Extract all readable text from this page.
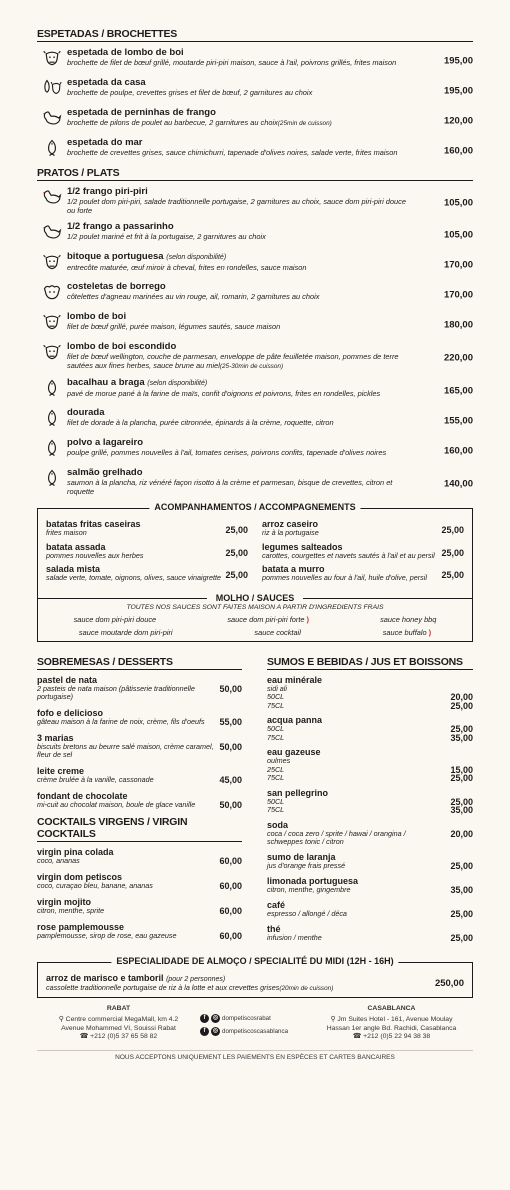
ESPETADAS / BROCHETTES
espetada de lombo de boi
brochette de filet de bœuf grillé, moutarde piri-piri maison, sauce à l'ail, poivrons grillés, frites maison	195,00
espetada da casa
brochette de poulpe, crevettes grises et filet de bœuf, 2 garnitures au choix	195,00
espetada de perninhas de frango
brochette de pilons de poulet au barbecue, 2 garnitures au choix(25min de cuisson)	120,00
espetada do mar
brochette de crevettes grises, sauce chimichurri, tapenade d'olives noires, salade verte, frites maison	160,00
PRATOS / PLATS
1/2 frango piri-piri
1/2 poulet dom piri-piri, salade traditionnelle portugaise, 2 garnitures au choix, sauce dom piri-piri douce ou forte
105,00
1/2 frango a passarinho
1/2 poulet mariné et frit à la portugaise, 2 garnitures au choix	105,00
bitoque a portuguesa (selon disponibilité)
entrecôte maturée, œuf miroir à cheval, frites en rondelles, sauce maison	170,00
costeletas de borrego
côtelettes d'agneau marinées au vin rouge, ail, romarin, 2 garnitures au choix	170,00
lombo de boi
filet de bœuf grillé, purée maison, légumes sautés, sauce maison	180,00
lombo de boi escondido
filet de bœuf wellington, couche de parmesan, enveloppe de pâte feuilletée maison, pommes de terre sautées aux fines herbes, sauce brune au miel(25-30min de cuisson)
220,00
bacalhau a braga (selon disponibilité)
pavé de morue pané à la farine de maïs, confit d'oignons et poivrons, frites en rondelles, pickles	165,00
dourada
filet de dorade à la plancha, purée citronnée, épinards à la crème, roquette, citron	155,00
polvo a lagareiro
poulpe grillé, pommes nouvelles à l'ail, tomates cerises, poivrons confits, tapenade d'olives noires	160,00
salmão grelhado
saumon à la plancha, riz vénéré façon risotto à la crème et parmesan, bisque de crevettes, citron et roquette
140,00
ACOMPANHAMENTOS / ACCOMPAGNEMENTS
batatas fritas caseiras
frites maison	25,00
batata assada
pommes nouvelles aux herbes	25,00
salada mista
salade verte, tomate, oignons, olives, sauce vinaigrette 25,00
arroz caseiro
riz à la portugaise	25,00
legumes salteados
carottes, courgettes et navets sautés à l'ail et au persil 25,00
batata a murro
pommes nouvelles au four à l'ail, huile d'olive, persil 25,00
MOLHO / SAUCES
TOUTES NOS SAUCES SONT FAITES MAISON A PARTIR D'INGREDIENTS FRAIS
sauce dom piri-piri douce	sauce dom piri-piri forte )	sauce honey bbq
sauce moutarde dom piri-piri	sauce cocktail	sauce buffalo )
SOBREMESAS / DESSERTS
pastel de nata
2 pasteis de nata maison (pâtisserie traditionnelle portugaise)
50,00
fofo e delicioso
gâteau maison à la farine de noix, crème, fils d'oeufs 55,00
3 marias
biscuits bretons au beurre salé maison, crème caramel, fleur de sel
50,00
leite creme
crème brulée à la vanille, cassonade	45,00
fondant de chocolate
mi-cuit au chocolat maison, boule de glace vanille	50,00
COCKTAILS VIRGENS / VIRGIN COCKTAILS
virgin pina colada
coco, ananas	60,00
virgin dom petiscos
coco, curaçao bleu, banane, ananas	60,00
virgin mojito
citron, menthe, sprite	60,00
rose pamplemousse
pamplemousse, sirop de rose, eau gazeuse	60,00
SUMOS E BEBIDAS / JUS ET BOISSONS
eau minérale
sidi ali
50CL	20,00
75CL	25,00
acqua panna
50CL	25,00
75CL	35,00
eau gazeuse
oulmes
25CL	15,00
75CL	25,00
san pellegrino
50CL	25,00
75CL	35,00
soda
coca / coca zero / sprite / hawai / orangina / schweppes tonic / citron
20,00
sumo de laranja
jus d'orange frais pressé	25,00
limonada portuguesa
citron, menthe, gingembre	35,00
café
espresso / allongé / déca	25,00
thé
infusion / menthe	25,00
ESPECIALIDADE DE ALMOÇO / SPECIALITÉ DU MIDI (12H - 16H)
arroz de marisco e tamboril (pour 2 personnes)
cassolette traditionnelle portugaise de riz à la lotte et aux crevettes grises(20min de cuisson)	250,00
RABAT
⚲ Centre commercial MegaMall, km 4.2
Avenue Mohammed VI, Souissi Rabat
☎ +212 (0)5 37 65 58 82
f	◎ dompetiscosrabat
f	◎ dompetiscoscasablanca
CASABLANCA
⚲ Jm Suites Hotel - 161, Avenue Moulay
Hassan 1er angle Bd. Rachidi, Casablanca
☎ +212 (0)5 22 94 38 38
NOUS ACCEPTONS UNIQUEMENT LES PAIEMENTS EN ESPÈCES ET CARTES BANCAIRES
